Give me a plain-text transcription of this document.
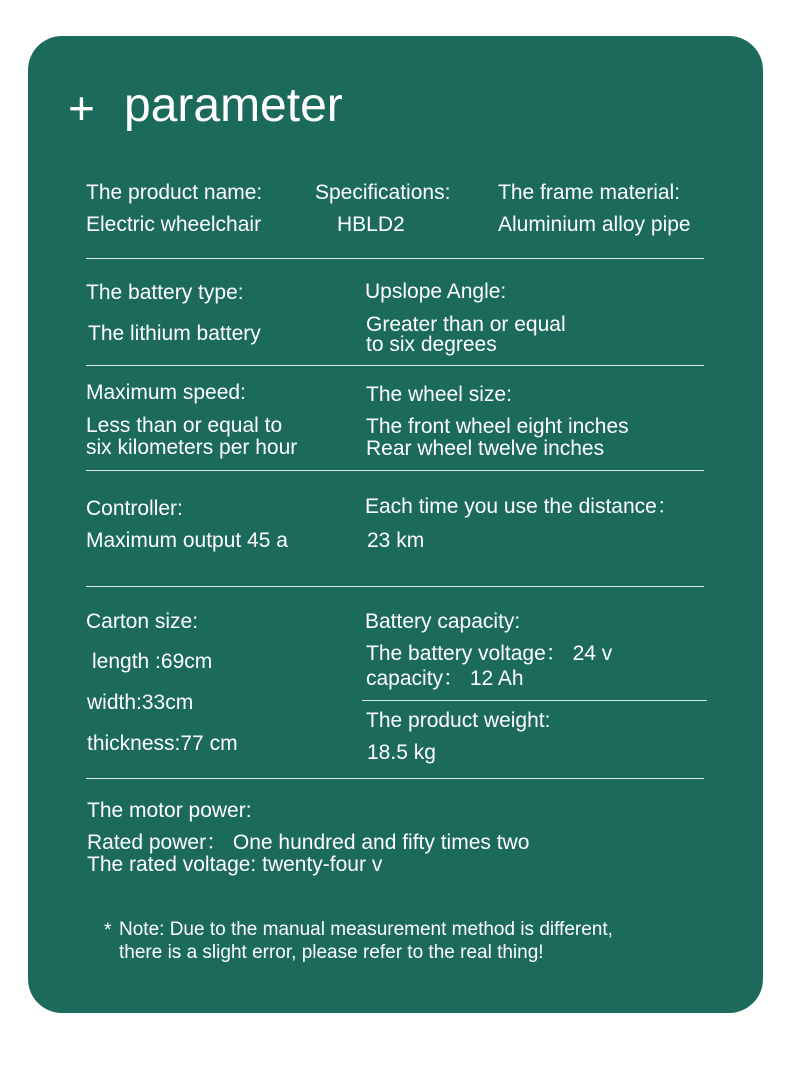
+ parameter
The product name:
Electric wheelchair
Specifications:
HBLD2
The frame material:
Aluminium alloy pipe
The battery type:
The lithium battery
Upslope Angle:
Greater than or equal
to six degrees
Maximum speed:
Less than or equal to
six kilometers per hour
The wheel size:
The front wheel eight inches
Rear wheel twelve inches
Controller:
Maximum output 45 a
Each time you use the distance：
23 km
Carton size:
length :69cm
width:33cm
thickness:77 cm
Battery capacity:
The battery voltage： 24 v
capacity： 12 Ah
The product weight:
18.5 kg
The motor power:
Rated power： One hundred and fifty times two
The rated voltage: twenty-four v
* Note: Due to the manual measurement method is different,
there is a slight error, please refer to the real thing!
